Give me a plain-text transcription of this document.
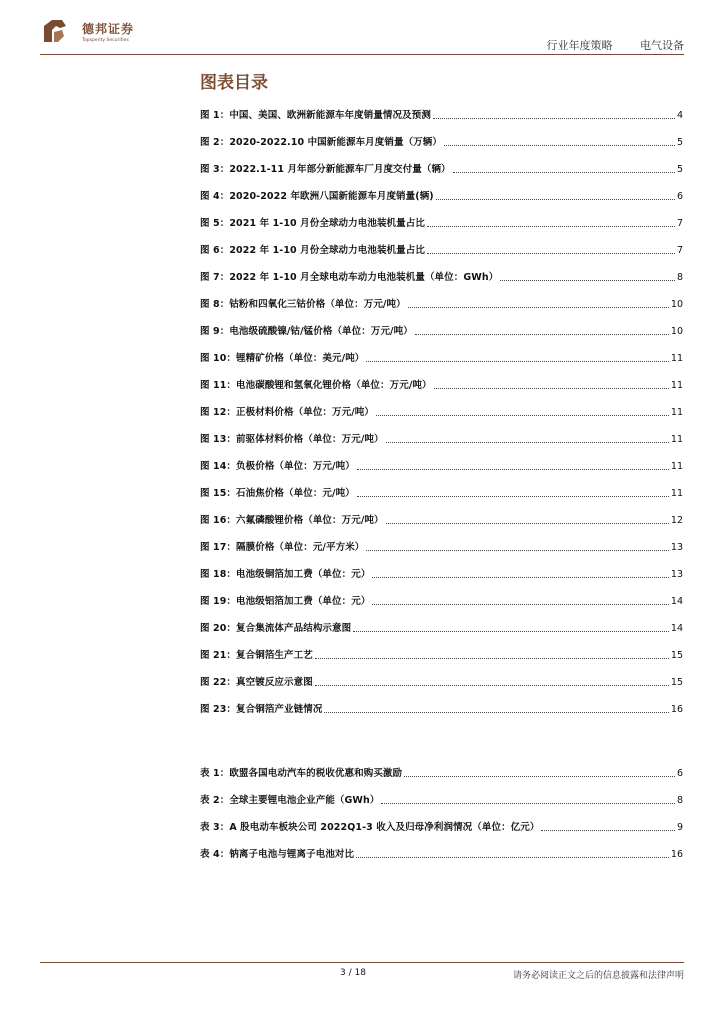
德邦证券
Topsperity Securities	行业年度策略	电气设备
图表目录
图 1：中国、美国、欧洲新能源车年度销量情况及预测	4
图 2：2020-2022.10 中国新能源车月度销量（万辆）	5
图 3：2022.1-11 月年部分新能源车厂月度交付量（辆）	5
图 4：2020-2022 年欧洲八国新能源车月度销量(辆)	6
图 5：2021 年 1-10 月份全球动力电池装机量占比	7
图 6：2022 年 1-10 月份全球动力电池装机量占比	7
图 7：2022 年 1-10 月全球电动车动力电池装机量（单位：GWh）	8
图 8：钴粉和四氧化三钴价格（单位：万元/吨）	10
图 9：电池级硫酸镍/钴/锰价格（单位：万元/吨）	10
图 10：锂精矿价格（单位：美元/吨）	11
图 11：电池碳酸锂和氢氧化锂价格（单位：万元/吨）	11
图 12：正极材料价格（单位：万元/吨）	11
图 13：前驱体材料价格（单位：万元/吨）	11
图 14：负极价格（单位：万元/吨）	11
图 15：石油焦价格（单位：元/吨）	11
图 16：六氟磷酸锂价格（单位：万元/吨）	12
图 17：隔膜价格（单位：元/平方米）	13
图 18：电池级铜箔加工费（单位：元）	13
图 19：电池级铝箔加工费（单位：元）	14
图 20：复合集流体产品结构示意图	14
图 21：复合铜箔生产工艺	15
图 22：真空镀反应示意图	15
图 23：复合铜箔产业链情况	16
表 1：欧盟各国电动汽车的税收优惠和购买激励	6
表 2：全球主要锂电池企业产能（GWh）	8
表 3：A 股电动车板块公司 2022Q1-3 收入及归母净利润情况（单位：亿元）	9
表 4：钠离子电池与锂离子电池对比	16
3 / 18	请务必阅读正文之后的信息披露和法律声明
